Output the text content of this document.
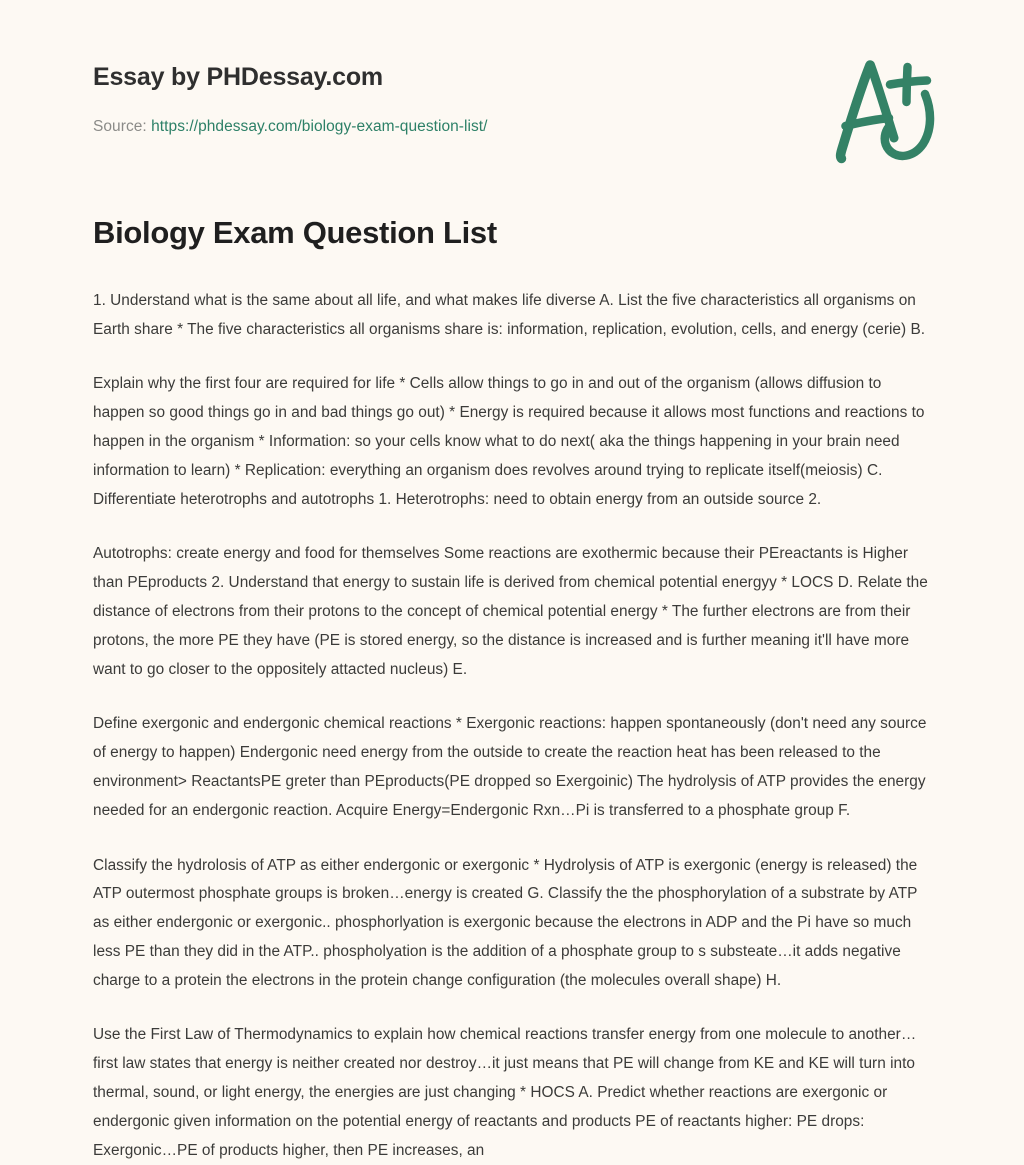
Essay by PHDessay.com
Source: https://phdessay.com/biology-exam-question-list/
Biology Exam Question List

1. Understand what is the same about all life, and what makes life diverse A. List the five characteristics all organisms on Earth share * The five characteristics all organisms share is: information, replication, evolution, cells, and energy (cerie) B.

Explain why the first four are required for life * Cells allow things to go in and out of the organism (allows diffusion to happen so good things go in and bad things go out) * Energy is required because it allows most functions and reactions to happen in the organism * Information: so your cells know what to do next( aka the things happening in your brain need information to learn) * Replication: everything an organism does revolves around trying to replicate itself(meiosis) C. Differentiate heterotrophs and autotrophs 1. Heterotrophs: need to obtain energy from an outside source 2.

Autotrophs: create energy and food for themselves Some reactions are exothermic because their PEreactants is Higher than PEproducts 2. Understand that energy to sustain life is derived from chemical potential energyy * LOCS D. Relate the distance of electrons from their protons to the concept of chemical potential energy * The further electrons are from their protons, the more PE they have (PE is stored energy, so the distance is increased and is further meaning it'll have more want to go closer to the oppositely attacted nucleus) E.

Define exergonic and endergonic chemical reactions * Exergonic reactions: happen spontaneously (don't need any source of energy to happen) Endergonic need energy from the outside to create the reaction heat has been released to the environment> ReactantsPE greter than PEproducts(PE dropped so Exergoinic) The hydrolysis of ATP provides the energy needed for an endergonic reaction. Acquire Energy=Endergonic Rxn…Pi is transferred to a phosphate group F.

Classify the hydrolosis of ATP as either endergonic or exergonic * Hydrolysis of ATP is exergonic (energy is released) the ATP outermost phosphate groups is broken…energy is created G. Classify the the phosphorylation of a substrate by ATP as either endergonic or exergonic.. phosphorlyation is exergonic because the electrons in ADP and the Pi have so much less PE than they did in the ATP.. phospholyation is the addition of a phosphate group to s substeate…it adds negative charge to a protein the electrons in the protein change configuration (the molecules overall shape) H.

Use the First Law of Thermodynamics to explain how chemical reactions transfer energy from one molecule to another…first law states that energy is neither created nor destroy…it just means that PE will change from KE and KE will turn into thermal, sound, or light energy, the energies are just changing * HOCS A. Predict whether reactions are exergonic or endergonic given information on the potential energy of reactants and products PE of reactants higher: PE drops: Exergonic…PE of products higher, then PE increases, an
